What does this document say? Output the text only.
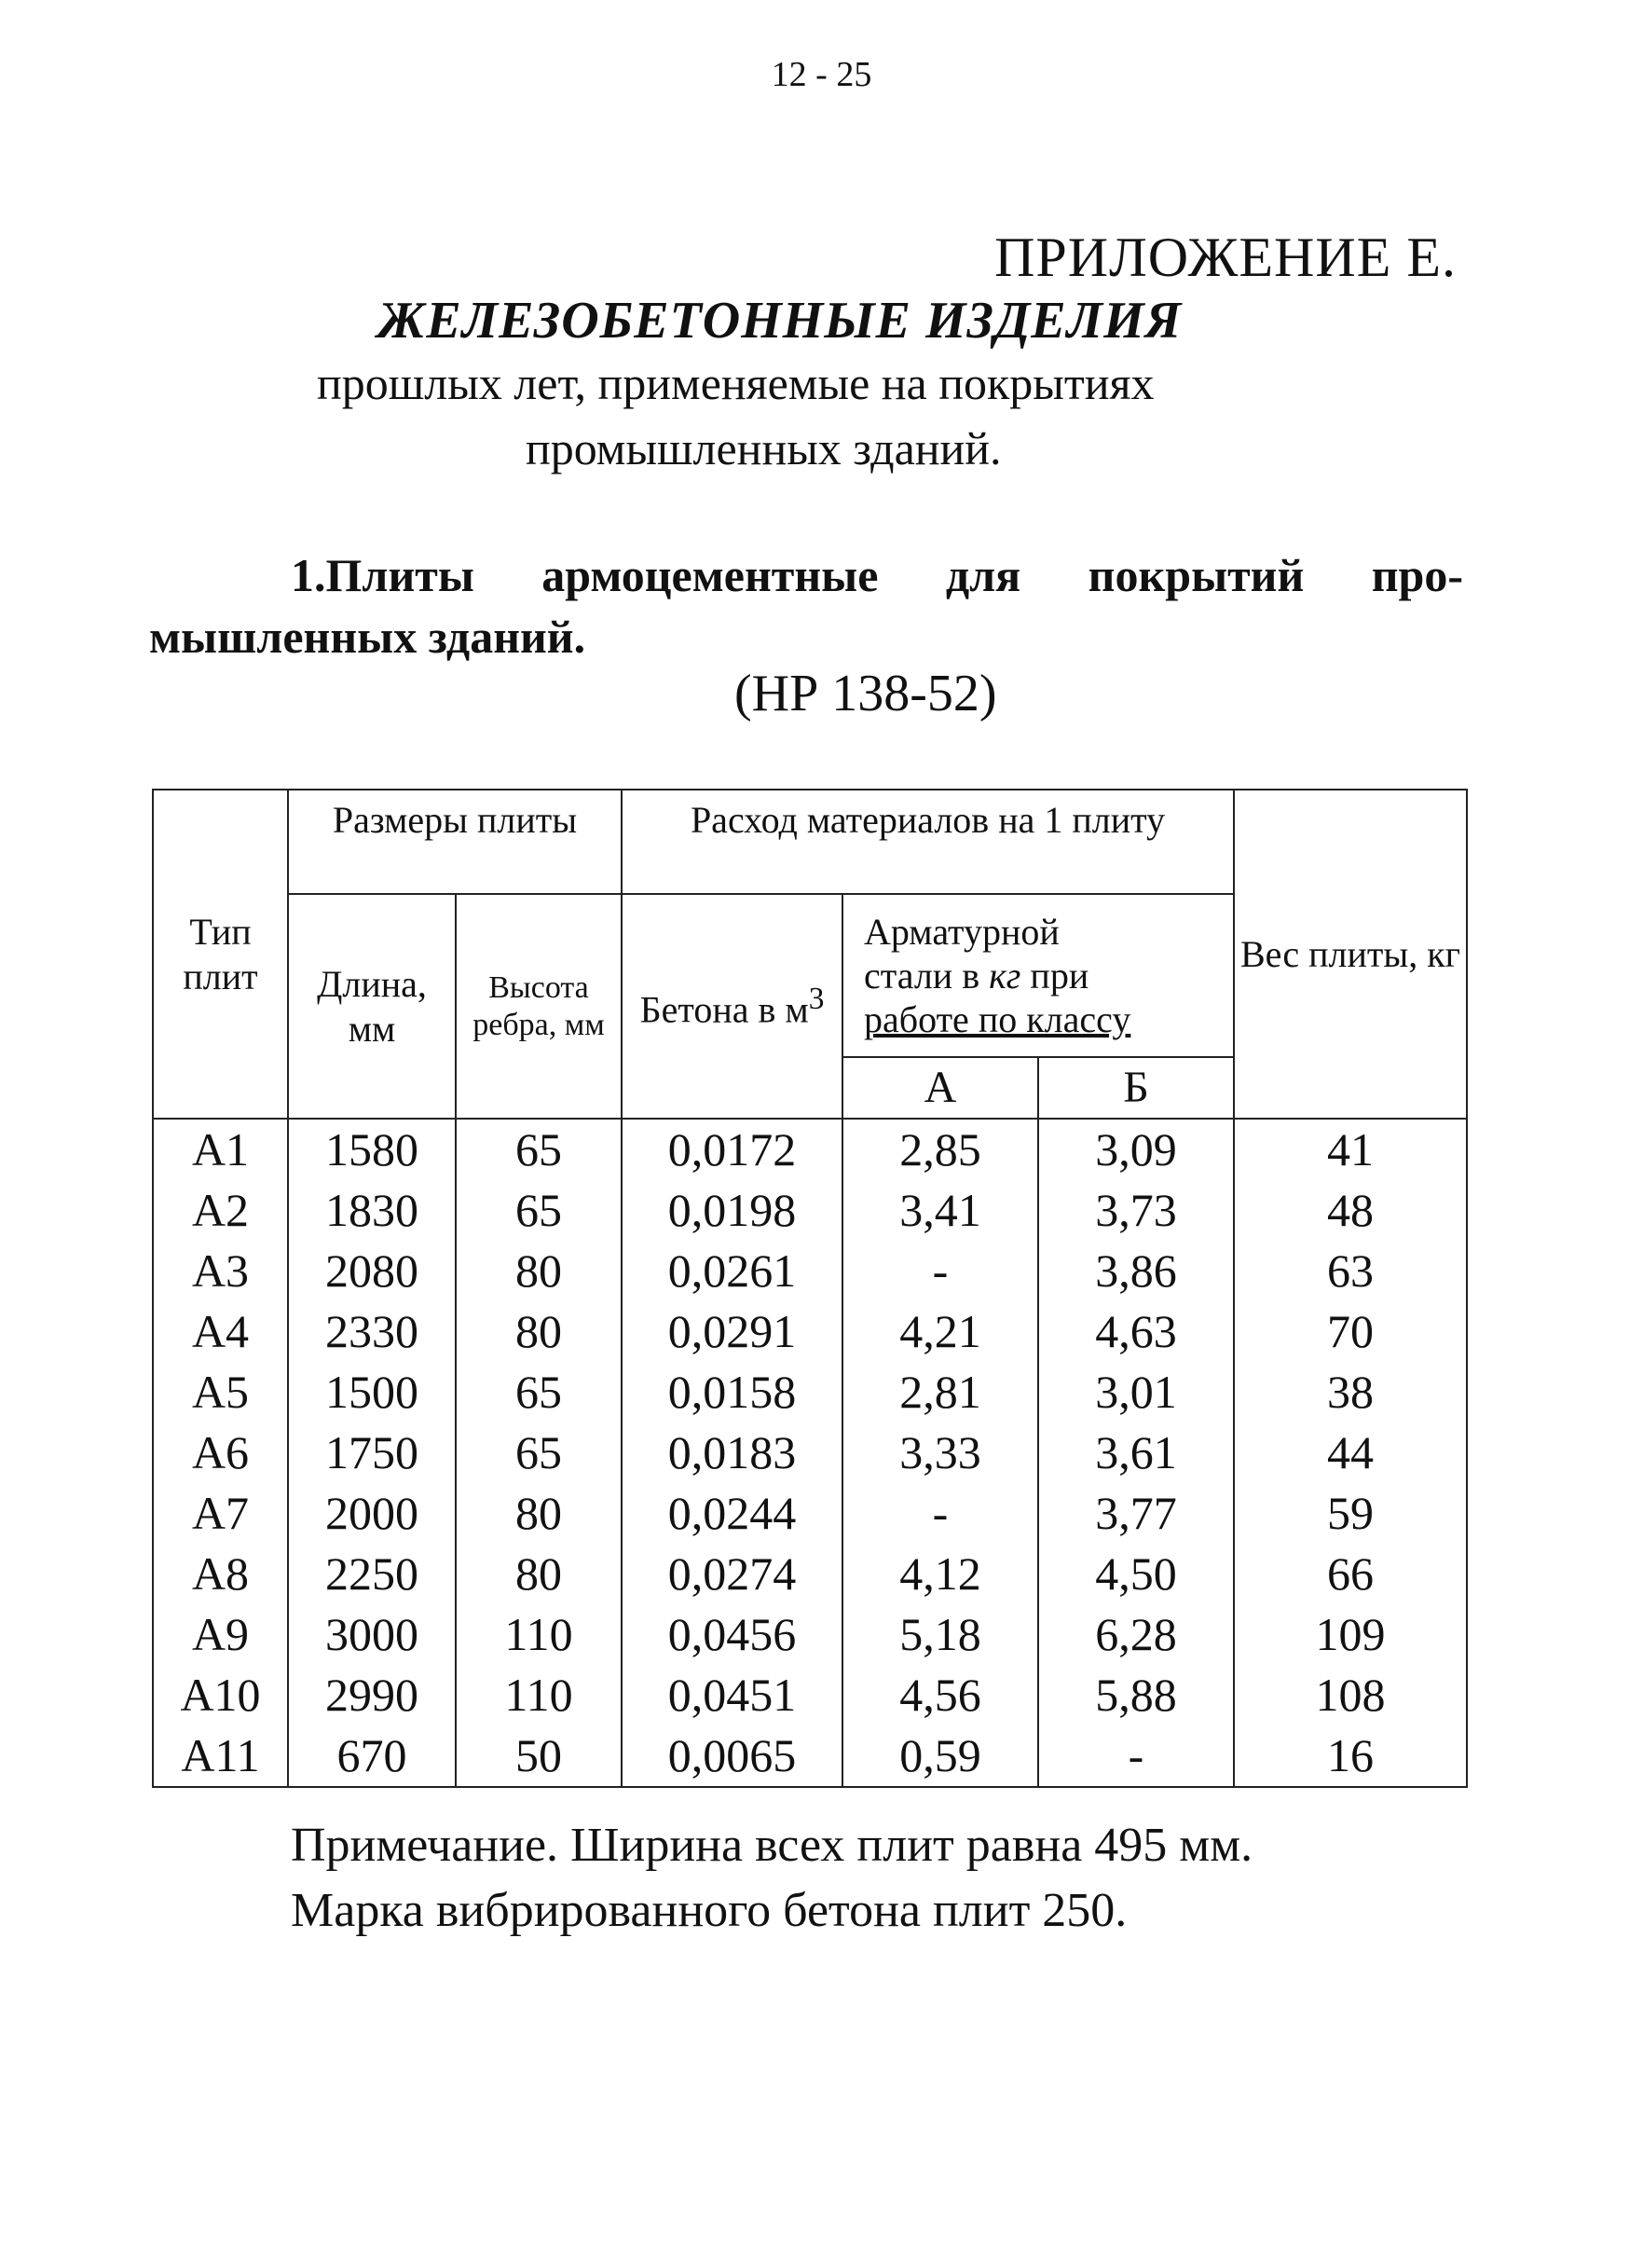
12 - 25
ПРИЛОЖЕНИЕ Е.
ЖЕЛЕЗОБЕТОННЫЕ ИЗДЕЛИЯ
прошлых лет, применяемые на покрытиях
промышленных зданий.
1.Плиты армоцементные для покрытий про-
мышленных зданий.
(НР 138-52)
Тип плит	Размеры плиты		Расход материалов на 1 плиту			Вес плиты, кг
	Длина, мм	Высота ребра, мм	Бетона в $м^3$	Арматурной
стали в кг при
работе по классу		

				А	Б	
А1	1580	65	0,0172	2,85	3,09	41
А2	1830	65	0,0198	3,41	3,73	48
А3	2080	80	0,0261	-	3,86	63
А4	2330	80	0,0291	4,21	4,63	70
А5	1500	65	0,0158	2,81	3,01	38
А6	1750	65	0,0183	3,33	3,61	44
А7	2000	80	0,0244	-	3,77	59
А8	2250	80	0,0274	4,12	4,50	66
А9	3000	110	0,0456	5,18	6,28	109
А10	2990	110	0,0451	4,56	5,88	108
А11	670	50	0,0065	0,59	-	16
Примечание. Ширина всех плит равна 495 мм.
Марка вибрированного бетона плит 250.
